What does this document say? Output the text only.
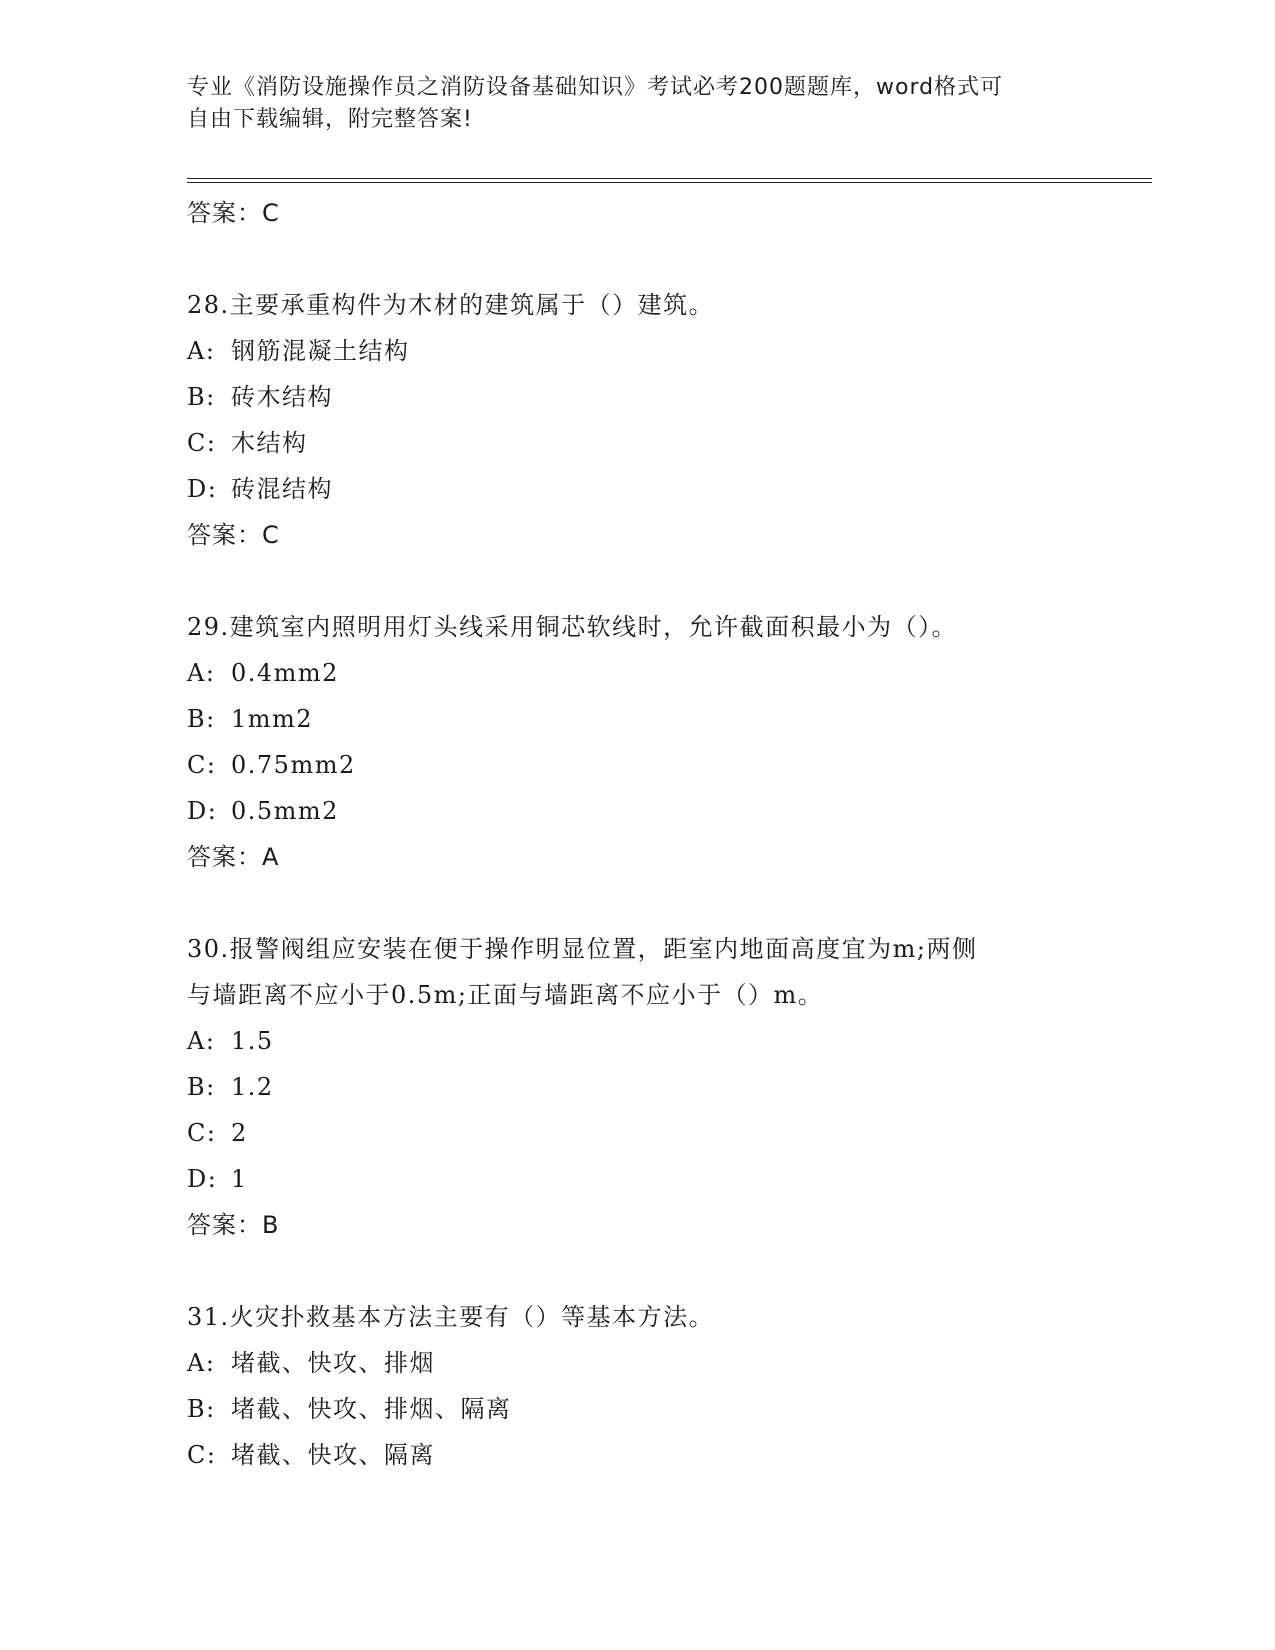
专业《消防设施操作员之消防设备基础知识》考试必考200题题库，word格式可
自由下载编辑，附完整答案!
答案：C
28.主要承重构件为木材的建筑属于（）建筑。
A: 钢筋混凝土结构
B: 砖木结构
C: 木结构
D: 砖混结构
答案：C
29.建筑室内照明用灯头线采用铜芯软线时，允许截面积最小为（）。
A: 0.4mm2
B: 1mm2
C: 0.75mm2
D: 0.5mm2
答案：A
30.报警阀组应安装在便于操作明显位置，距室内地面高度宜为m;两侧
与墙距离不应小于0.5m;正面与墙距离不应小于（）m。
A: 1.5
B: 1.2
C: 2
D: 1
答案：B
31.火灾扑救基本方法主要有（）等基本方法。
A: 堵截、快攻、排烟
B: 堵截、快攻、排烟、隔离
C: 堵截、快攻、隔离
